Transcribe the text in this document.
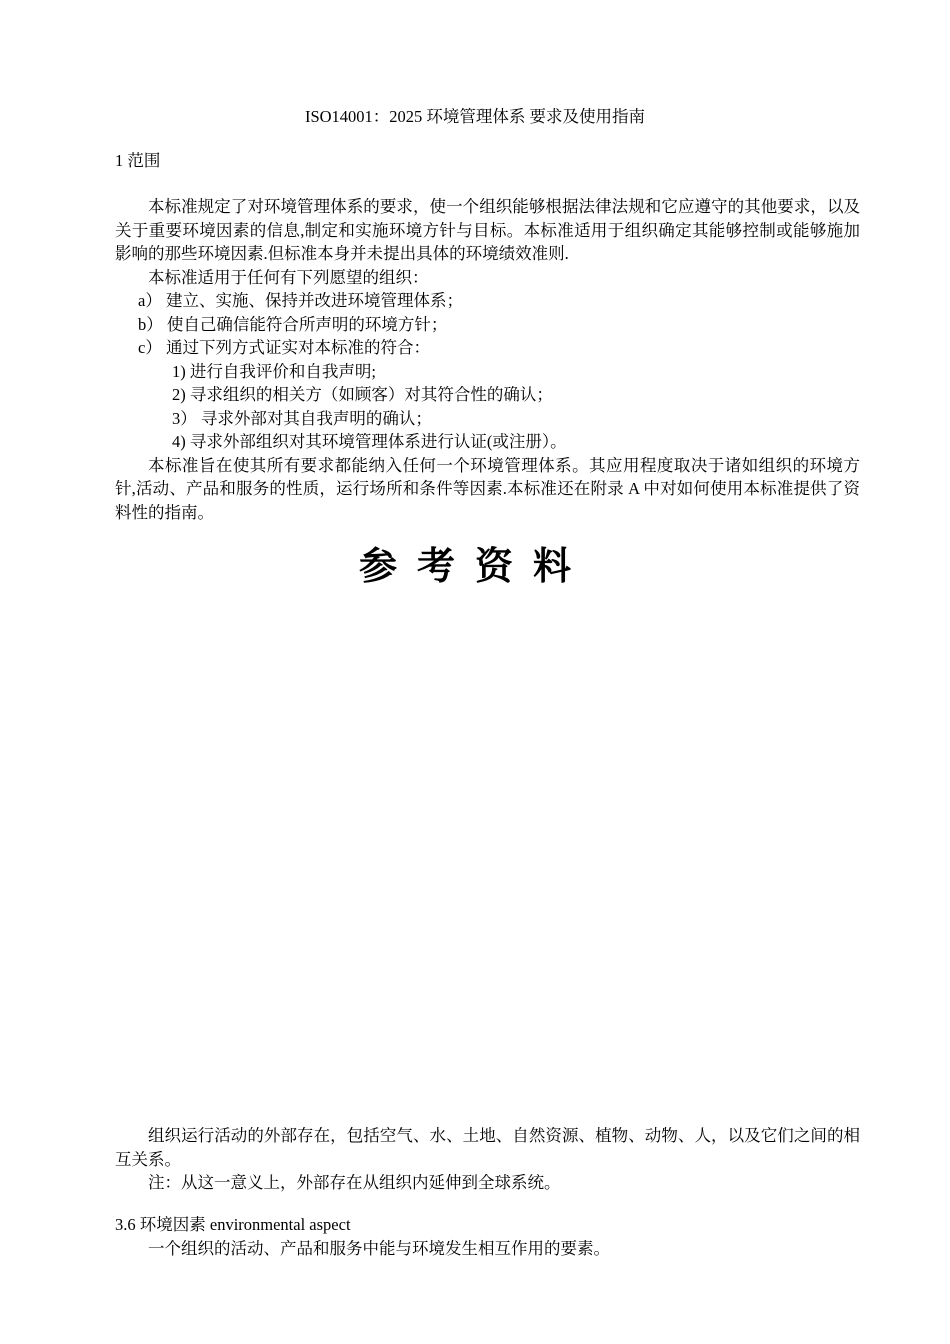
ISO14001：2025 环境管理体系 要求及使用指南
1 范围

本标准规定了对环境管理体系的要求，使一个组织能够根据法律法规和它应遵守的其他要求，以及关于重要环境因素的信息,制定和实施环境方针与目标。本标准适用于组织确定其能够控制或能够施加影响的那些环境因素.但标准本身并未提出具体的环境绩效准则.

本标准适用于任何有下列愿望的组织：

a） 建立、实施、保持并改进环境管理体系；

b） 使自己确信能符合所声明的环境方针；

c） 通过下列方式证实对本标准的符合：

1) 进行自我评价和自我声明;

2) 寻求组织的相关方（如顾客）对其符合性的确认；

3） 寻求外部对其自我声明的确认；

4) 寻求外部组织对其环境管理体系进行认证(或注册）。

本标准旨在使其所有要求都能纳入任何一个环境管理体系。其应用程度取决于诸如组织的环境方针,活动、产品和服务的性质，运行场所和条件等因素.本标准还在附录 A 中对如何使用本标准提供了资料性的指南。

参考资料

组织运行活动的外部存在，包括空气、水、土地、自然资源、植物、动物、人，以及它们之间的相互关系。

注：从这一意义上，外部存在从组织内延伸到全球系统。

3.6 环境因素 environmental aspect

一个组织的活动、产品和服务中能与环境发生相互作用的要素。
